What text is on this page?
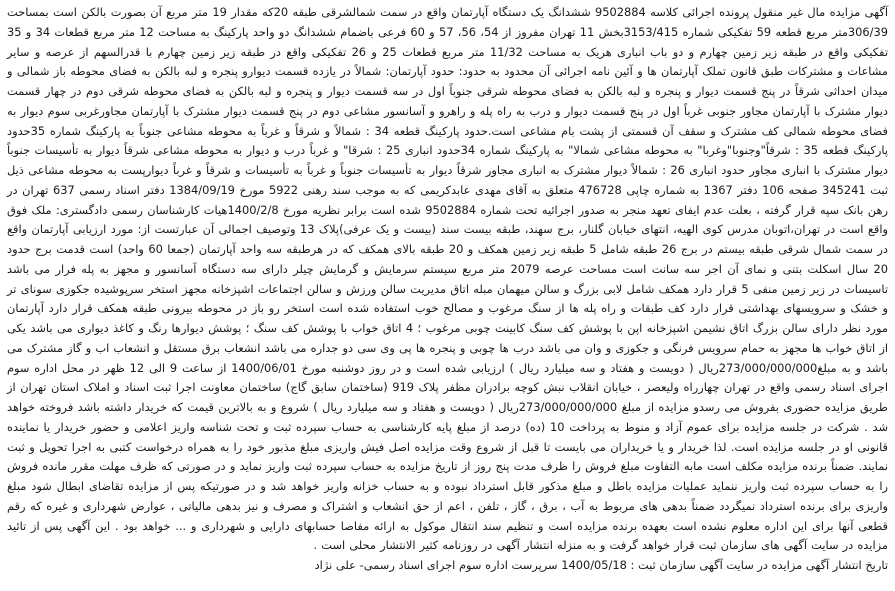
آگهی مزایده مال غیر منقول پرونده اجرائی کلاسه 9502884 ششدانگ یک دستگاه آپارتمان واقع در سمت شمالشرقی طبقه 20که مقدار 19 متر مربع آن بصورت بالکن است بمساحت 306/39متر مربع قطعه 59 تفکیکی شماره 3153/415بخش 11 تهران مفروز از 54، 56، 57 و 60 فرعی باضمام ششدانگ دو واحد پارکینگ به مساحت 12 متر مربع قطعات 34 و 35 تفکیکی واقع در طبقه زیر زمین چهارم و دو باب انباری هریک به مساحت 11/32 متر مربع قطعات 25 و 26 تفکیکی واقع در طبقه زیر زمین چهارم با قدرالسهم از عرصه و سایر مشاعات و مشترکات طبق قانون تملک آپارتمان ها و آئین نامه اجرائی آن محدود به حدود: حدود آپارتمان: شمالاً در یازده قسمت دیوارو پنجره و لبه بالکن به فضای محوطه باز شمالی و میدان احداثی شرقاً در پنج قسمت دیوار و پنجره و لبه بالکن به فضای محوطه شرقی جنوباً اول در سه قسمت دیوار و پنجره و لبه بالکن به فضای محوطه شرقی دوم در چهار قسمت دیوار مشترک با آپارتمان مجاور جنوبی غرباً اول در پنج قسمت دیوار و درب به راه پله و راهرو و آسانسور مشاعی دوم در پنج قسمت دیوار مشترک با آپارتمان مجاورغربی سوم دیوار به فضای محوطه شمالی کف مشترک و سقف آن قسمتی از پشت بام مشاعی است.حدود پارکینگ قطعه 34 : شمالاً و شرقاً و غرباً به محوطه مشاعی جنوباً به پارکینگ شماره 35حدود پارکینگ قطعه 35 : شرقاً"وجنوبا"وغربا" به محوطه مشاعی شمالا" به پارکینگ شماره 34حدود انباری 25 : شرقا" و غرباً درب و دیوار به محوطه مشاعی شرقاً دیوار به تأسیسات جنوباً دیوار مشترک با انباری مجاور حدود انباری 26 : شمالاً دیوار مشترک به انباری مجاور شرقاً دیوار به تأسیسات جنوباً و غرباً به تأسیسات و شرقاً و غرباً دیوارپست به محوطه مشاعی ذیل ثبت 345241 صفحه 106 دفتر 1367 به شماره چاپی 476728 متعلق به آقای مهدی عابدکریمی که به موجب سند رهنی 5922 مورخ 1384/09/19 دفتر اسناد رسمی 637 تهران در رهن بانک سپه قرار گرفته ، بعلت عدم ایفای تعهد منجر به صدور اجرائیه تحت شماره 9502884 شده است برابر نظریه مورخ 1400/2/8هیات کارشناسان رسمی دادگستری: ملک فوق واقع است در تهران،اتوبان مدرس کوی الهیه، انتهای خیابان گلنار، برج سهند، طبقه بیست سند (بیست و یک عرفی)پلاک 13 وتوصیف اجمالی آن عبارتست از: مورد ارزیابی آپارتمان واقع در سمت شمال شرقی طبقه بیستم در برج 26 طبقه شامل 5 طبقه زیر زمین همکف و 20 طبقه بالای همکف که در هرطبقه سه واحد آپارتمان (جمعا 60 واحد) است قدمت برج حدود 20 سال اسکلت بتنی و نمای آن اجر سه سانت است مساحت عرصه 2079 متر مربع سیستم سرمایش و گرمایش چیلر دارای سه دستگاه آسانسور و مجهز به پله فرار می باشد تاسیسات در زیر زمین منفی 5 قرار دارد همکف شامل لابی بزرگ و سالن میهمان مبله اتاق مدیریت سالن ورزش و سالن اجتماعات اشپزخانه مجهز استخر سرپوشیده جکوزی سونای تر و خشک و سرویسهای بهداشتی قرار دارد کف طبقات و راه پله ها از سنگ مرغوب و مصالح خوب استفاده شده است استخر رو باز در محوطه بیرونی طبقه همکف قرار دارد آپارتمان مورد نظر دارای سالن بزرگ اتاق نشیمن اشپزخانه اپن با پوشش کف سنگ کابینت چوبی مرغوب ؛ 4 اتاق خواب با پوشش کف سنگ ؛ پوشش دیوارها رنگ و کاغذ دیواری می باشد یکی از اتاق خواب ها مجهز به حمام سرویس فرنگی و جکوزی و وان می باشد درب ها چوبی و پنجره ها پی وی سی دو جداره می باشد انشعاب برق مستقل و انشعاب اب و گاز مشترک می باشد و به مبلغ273/000/000/000ریال ( دویست و هفتاد و سه میلیارد ریال ) ارزیابی شده است و در روز دوشنبه مورخ 1400/06/01 از ساعت 9 الی 12 ظهر در محل اداره سوم اجرای اسناد رسمی واقع در تهران چهارراه ولیعصر ، خیابان انقلاب نبش کوچه برادران مظفر پلاک 919 (ساختمان سابق گاج) ساختمان معاونت اجرا ثبت اسناد و املاک استان تهران از طریق مزایده حضوری بفروش می رسدو مزایده از مبلغ 273/000/000/000ریال ( دویست و هفتاد و سه میلیارد ریال ) شروع و به بالاترین قیمت که خریدار داشته باشد فروخته خواهد شد . شرکت در جلسه مزایده برای عموم آزاد و منوط به پرداخت 10 (ده) درصد از مبلغ پایه کارشناسی به حساب سپرده ثبت و تحت شناسه واریز اعلامی و حضور خریدار یا نماینده قانونی او در جلسه مزایده است. لذا خریدار و یا خریداران می بایست تا قبل از شروع وقت مزایده اصل فیش واریزی مبلغ مذبور خود را به همراه درخواست کتبی به اجرا تحویل و ثبت نمایند. ضمناً برنده مزایده مکلف است مابه التفاوت مبلغ فروش را ظرف مدت پنج روز از تاریخ مزایده به حساب سپرده ثبت واریز نماید و در صورتی که ظرف مهلت مقرر مانده فروش را به حساب سپرده ثبت واریز ننماید عملیات مزایده باطل و مبلغ مذکور قابل استرداد نبوده و به حساب خزانه واریز خواهد شد و در صورتیکه پس از مزایده تقاضای ابطال شود مبلغ واریزی برای برنده استرداد نمیگردد ضمناً بدهی های مربوط به آب ، برق ، گاز ، تلفن ، اعم از حق انشعاب و اشتراک و مصرف و نیز بدهی مالیاتی ، عوارض شهرداری و غیره که رقم قطعی آنها برای این اداره معلوم نشده است بعهده برنده مزایده است و تنظیم سند انتقال موکول به ارائه مفاصا حسابهای دارایی و شهرداری و ... خواهد بود . این آگهی پس از تائید مزایده در سایت آگهی های سازمان ثبت قرار خواهد گرفت و به منزله انتشار آگهی در روزنامه کثیر الانتشار محلی است .

تاریخ انتشار آگهی مزایده در سایت آگهی سازمان ثبت : 1400/05/18 سرپرست اداره سوم اجرای اسناد رسمی- علی نژاد
